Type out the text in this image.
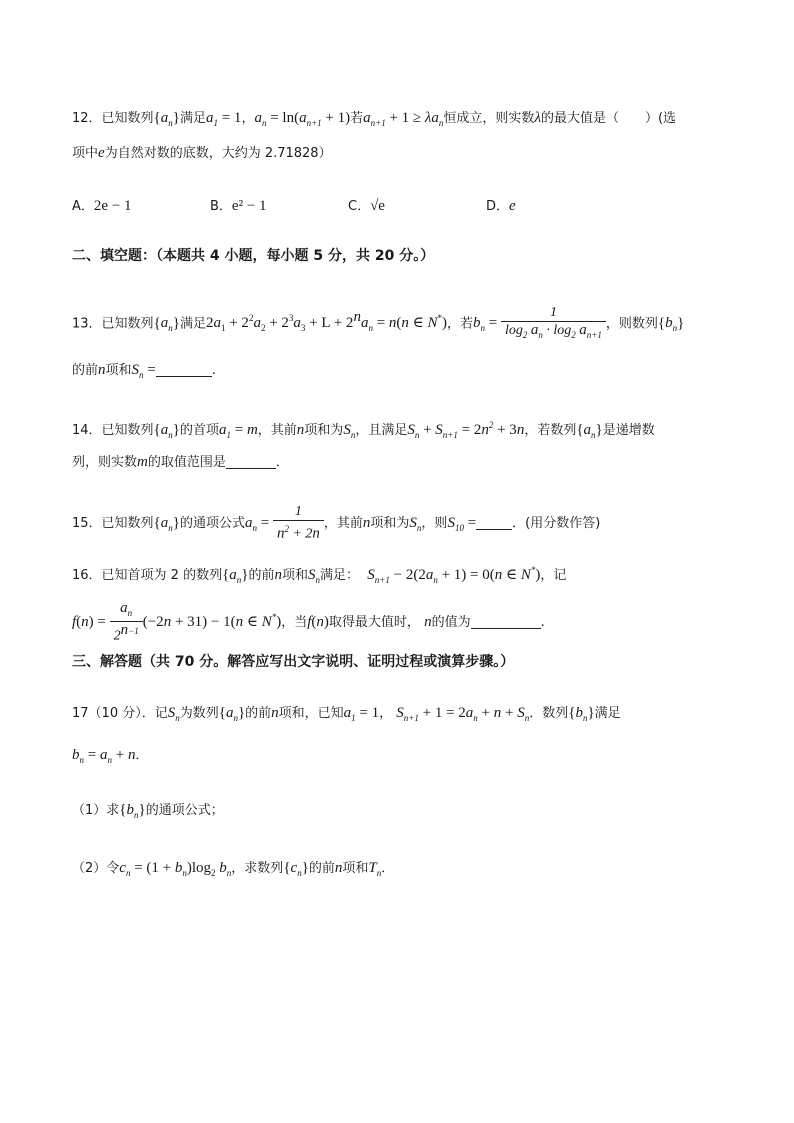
12．已知数列$\{a_n\}$满足$a_1 = 1$，$a_n = \ln(a_{n+1} + 1)$若$a_{n+1} + 1 \ge \lambda a_n$恒成立，则实数λ的最大值是（　　）(选
项中e为自然对数的底数，大约为 2.71828）
A．2e − 1	B．e² − 1	C．√e	D．e
二、填空题：（本题共 4 小题，每小题 5 分，共 20 分。）
13．已知数列$\{a_n\}$满足$2a_1 + 2^2a_2 + 2^3a_3 + L + 2^na_n = n(n$ ∈ N*)，若$b_n = \frac{1}{\log_2 a_n \cdot \log_2 a_{n+1}}$ ，则数列$\{b_n\}$
的前n项和$S_n$ =	.
14．已知数列$\{a_n\}$的首项$a_1 = m$，其前n项和为$S_n$，且满足$S_n + S_{n+1} = 2n^2 + 3n$，若数列$\{a_n\}$是递增数
列，则实数m的取值范围是	．
15．已知数列$\{a_n\}$的通项公式$a_n = \frac{1}{n^2 + 2n}$ ，其前n项和为$S_n$，则$S_{10}$ =	．(用分数作答)
16．已知首项为 2 的数列$\{a_n\}$的前n项和$S_n$满足： $S_{n+1} - 2(2a_n + 1) = 0(n$ ∈ N*)，记
$f(n) = \frac{a_n}{2^{n-1}} (-2n + 31) - 1(n$ ∈ N*)，当f(n)取得最大值时， n的值为	.
三、解答题（共 70 分。解答应写出文字说明、证明过程或演算步骤。）
17（10 分）．记$S_n$为数列$\{a_n\}$的前n项和，已知$a_1 = 1$， $S_{n+1} + 1 = 2a_n + n + S_n$．数列$\{b_n\}$满足
$b_n = a_n + n$．
（1）求$\{b_n\}$的通项公式；
（2）令$c_n = (1 + b_n)\log_2$ $b_n$，求数列$\{c_n\}$的前n项和$T_n$．
